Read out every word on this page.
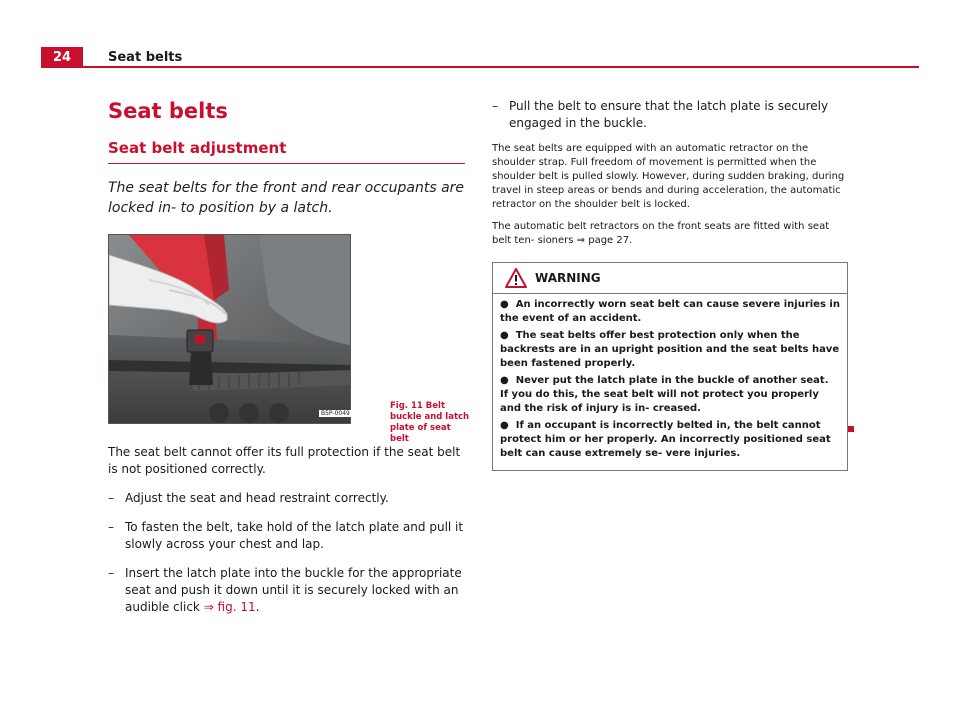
24	Seat belts
Seat belts
Seat belt adjustment

The seat belts for the front and rear occupants are locked in- to position by a latch.

B5P-0049
Fig. 11 Belt buckle and latch plate of seat belt

The seat belt cannot offer its full protection if the seat belt is not positioned correctly.

– Adjust the seat and head restraint correctly.
– To fasten the belt, take hold of the latch plate and pull it slowly across your chest and lap.
– Insert the latch plate into the buckle for the appropriate seat and push it down until it is securely locked with an audible click ⇒ fig. 11.
– Pull the belt to ensure that the latch plate is securely engaged in the buckle.

The seat belts are equipped with an automatic retractor on the shoulder strap. Full freedom of movement is permitted when the shoulder belt is pulled slowly. However, during sudden braking, during travel in steep areas or bends and during acceleration, the automatic retractor on the shoulder belt is locked.

The automatic belt retractors on the front seats are fitted with seat belt ten- sioners ⇒ page 27.

WARNING

● An incorrectly worn seat belt can cause severe injuries in the event of an accident.

● The seat belts offer best protection only when the backrests are in an upright position and the seat belts have been fastened properly.

● Never put the latch plate in the buckle of another seat. If you do this, the seat belt will not protect you properly and the risk of injury is in- creased.

● If an occupant is incorrectly belted in, the belt cannot protect him or her properly. An incorrectly positioned seat belt can cause extremely se- vere injuries.
